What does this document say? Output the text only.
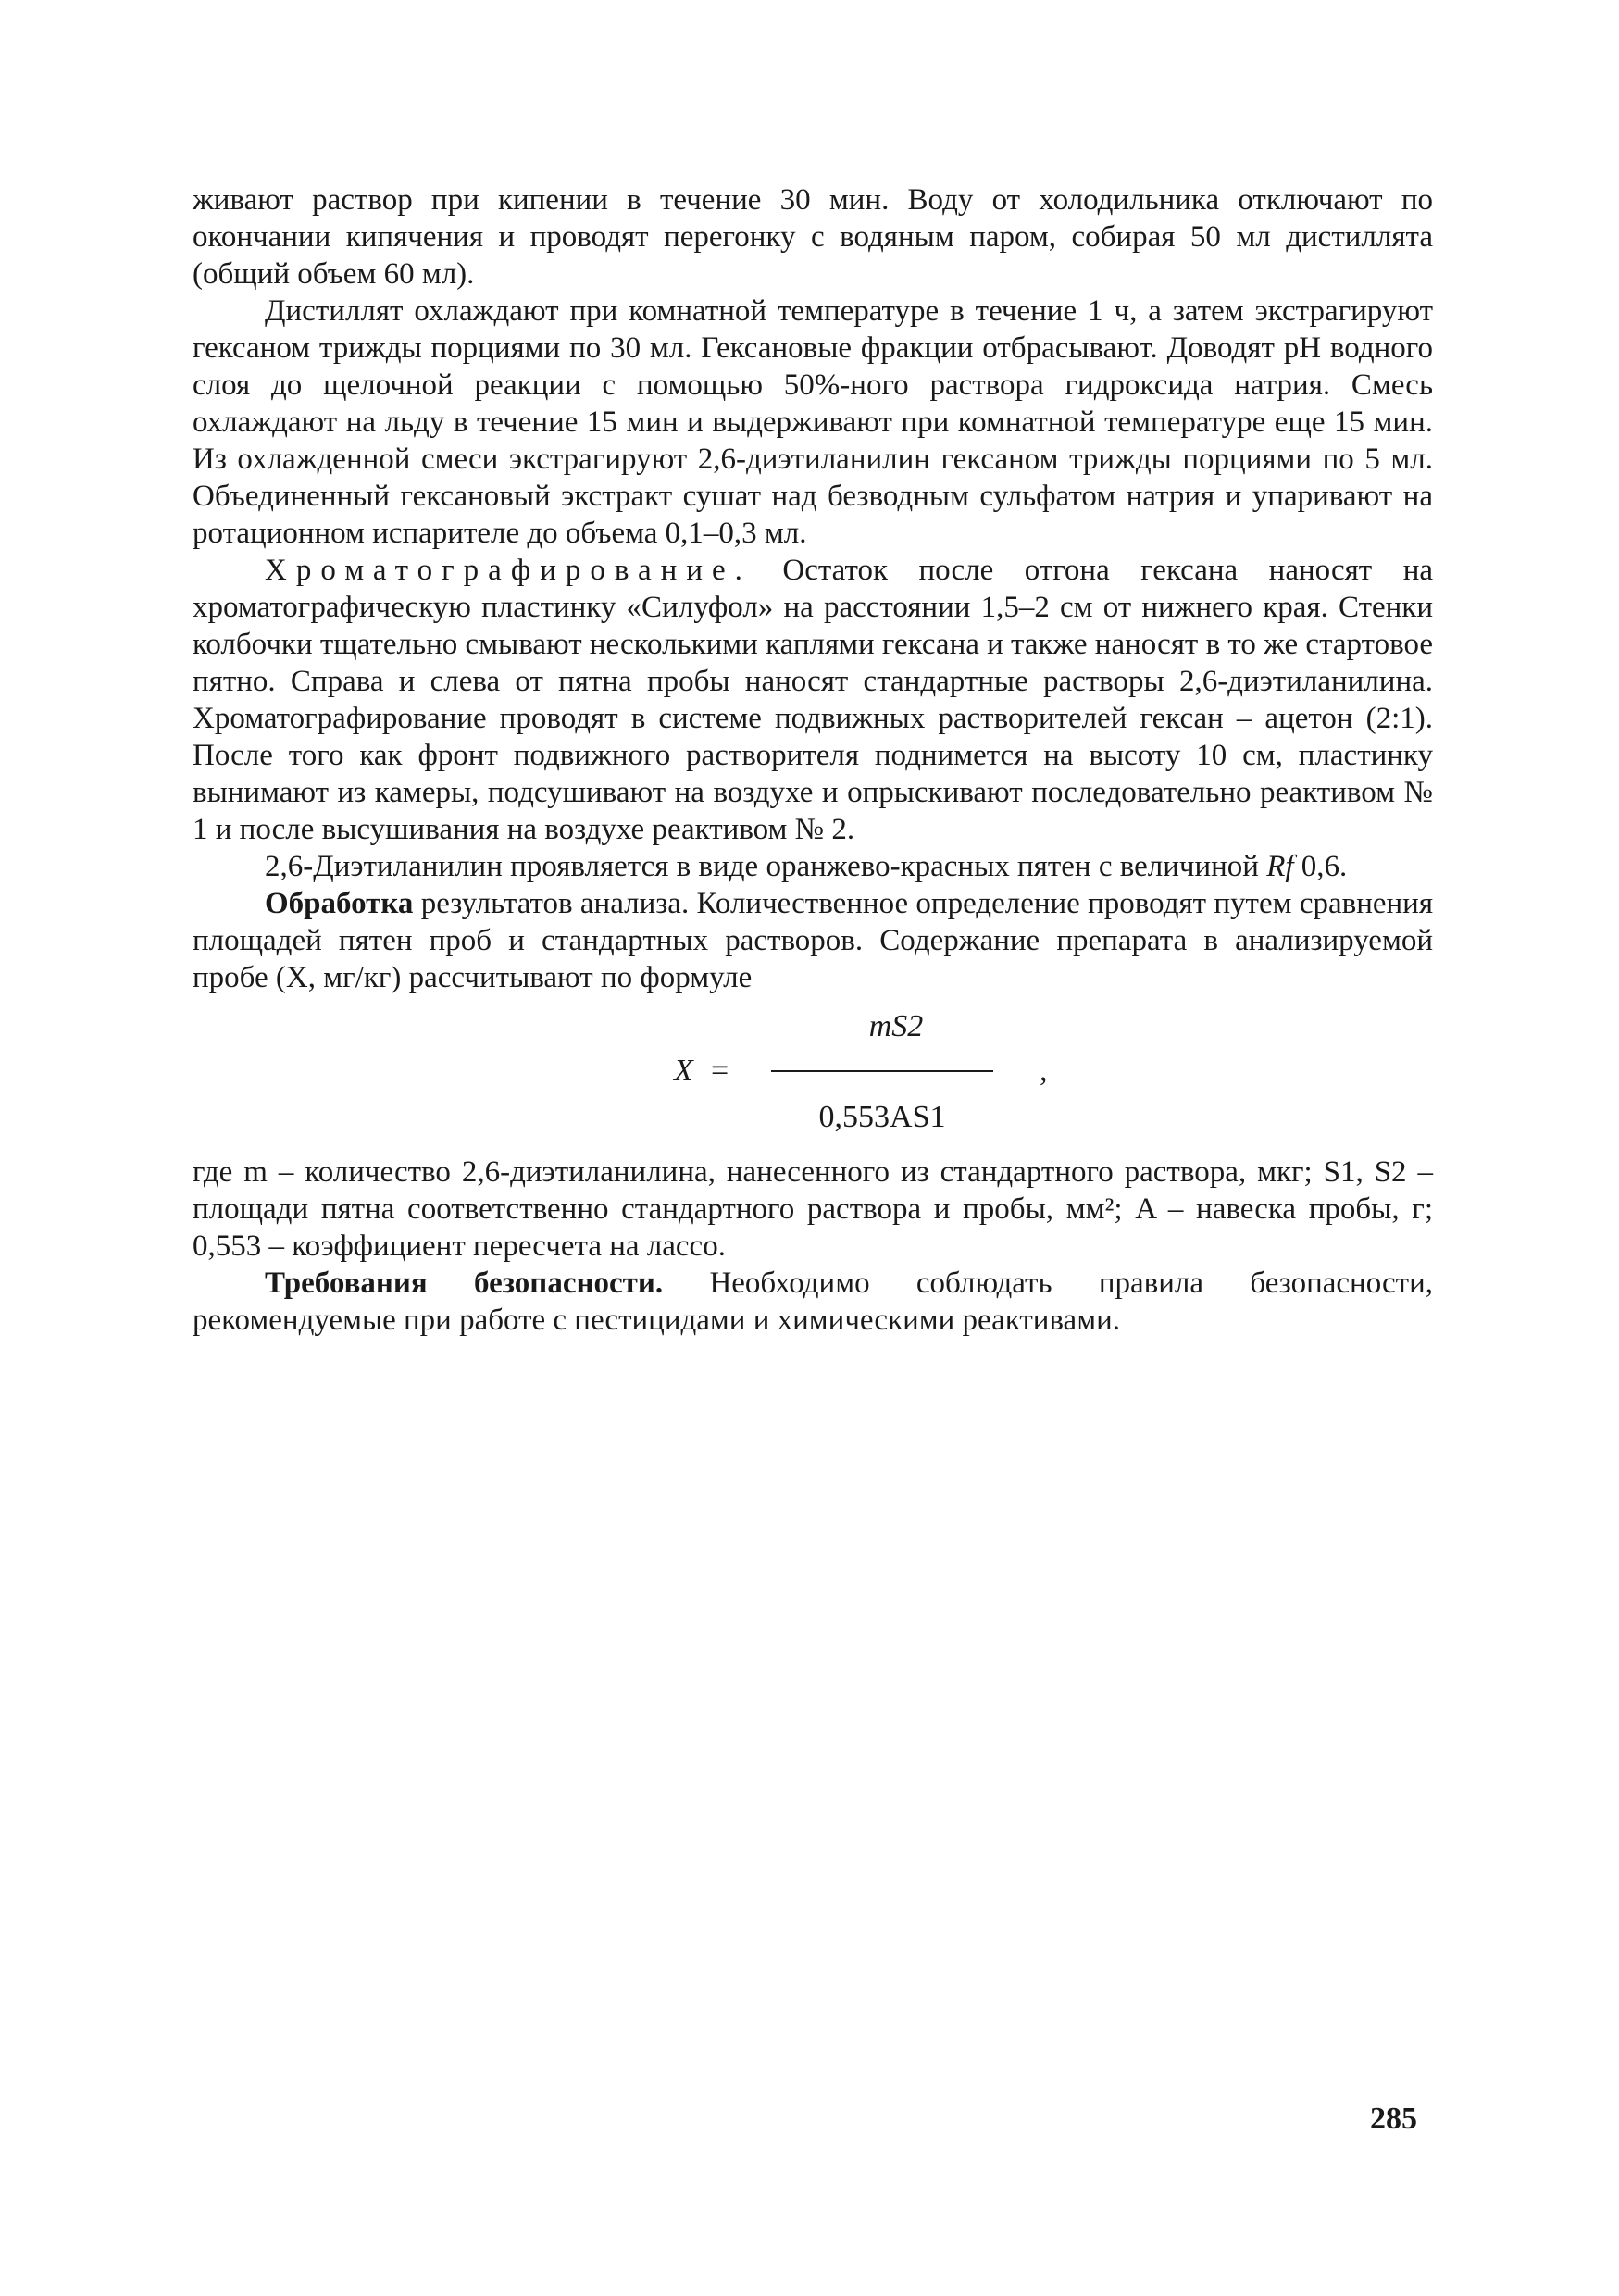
живают раствор при кипении в течение 30 мин. Воду от холодильника отключают по окончании кипячения и проводят перегонку с водяным паром, собирая 50 мл дистиллята (общий объем 60 мл).

Дистиллят охлаждают при комнатной температуре в течение 1 ч, а затем экстрагируют гексаном трижды порциями по 30 мл. Гексановые фракции отбрасывают. Доводят pH водного слоя до щелочной реакции с помощью 50%-ного раствора гидроксида натрия. Смесь охлаждают на льду в течение 15 мин и выдерживают при комнатной температуре еще 15 мин. Из охлажденной смеси экстрагируют 2,6-диэтиланилин гексаном трижды порциями по 5 мл. Объединенный гексановый экстракт сушат над безводным сульфатом натрия и упаривают на ротационном испарителе до объема 0,1–0,3 мл.

Хроматографирование. Остаток после отгона гексана наносят на хроматографическую пластинку «Силуфол» на расстоянии 1,5–2 см от нижнего края. Стенки колбочки тщательно смывают несколькими каплями гексана и также наносят в то же стартовое пятно. Справа и слева от пятна пробы наносят стандартные растворы 2,6-диэтиланилина. Хроматографирование проводят в системе подвижных растворителей гексан – ацетон (2:1). После того как фронт подвижного растворителя поднимется на высоту 10 см, пластинку вынимают из камеры, подсушивают на воздухе и опрыскивают последовательно реактивом № 1 и после высушивания на воздухе реактивом № 2.

2,6-Диэтиланилин проявляется в виде оранжево-красных пятен с величиной Rf 0,6.

Обработка результатов анализа. Количественное определение проводят путем сравнения площадей пятен проб и стандартных растворов. Содержание препарата в анализируемой пробе (X, мг/кг) рассчитывают по формуле

X =
mS2
0,553AS1
,

где m – количество 2,6-диэтиланилина, нанесенного из стандартного раствора, мкг; S1, S2 – площади пятна соответственно стандартного раствора и пробы, мм²; A – навеска пробы, г; 0,553 – коэффициент пересчета на лассо.

Требования безопасности. Необходимо соблюдать правила безопасности, рекомендуемые при работе с пестицидами и химическими реактивами.

285
